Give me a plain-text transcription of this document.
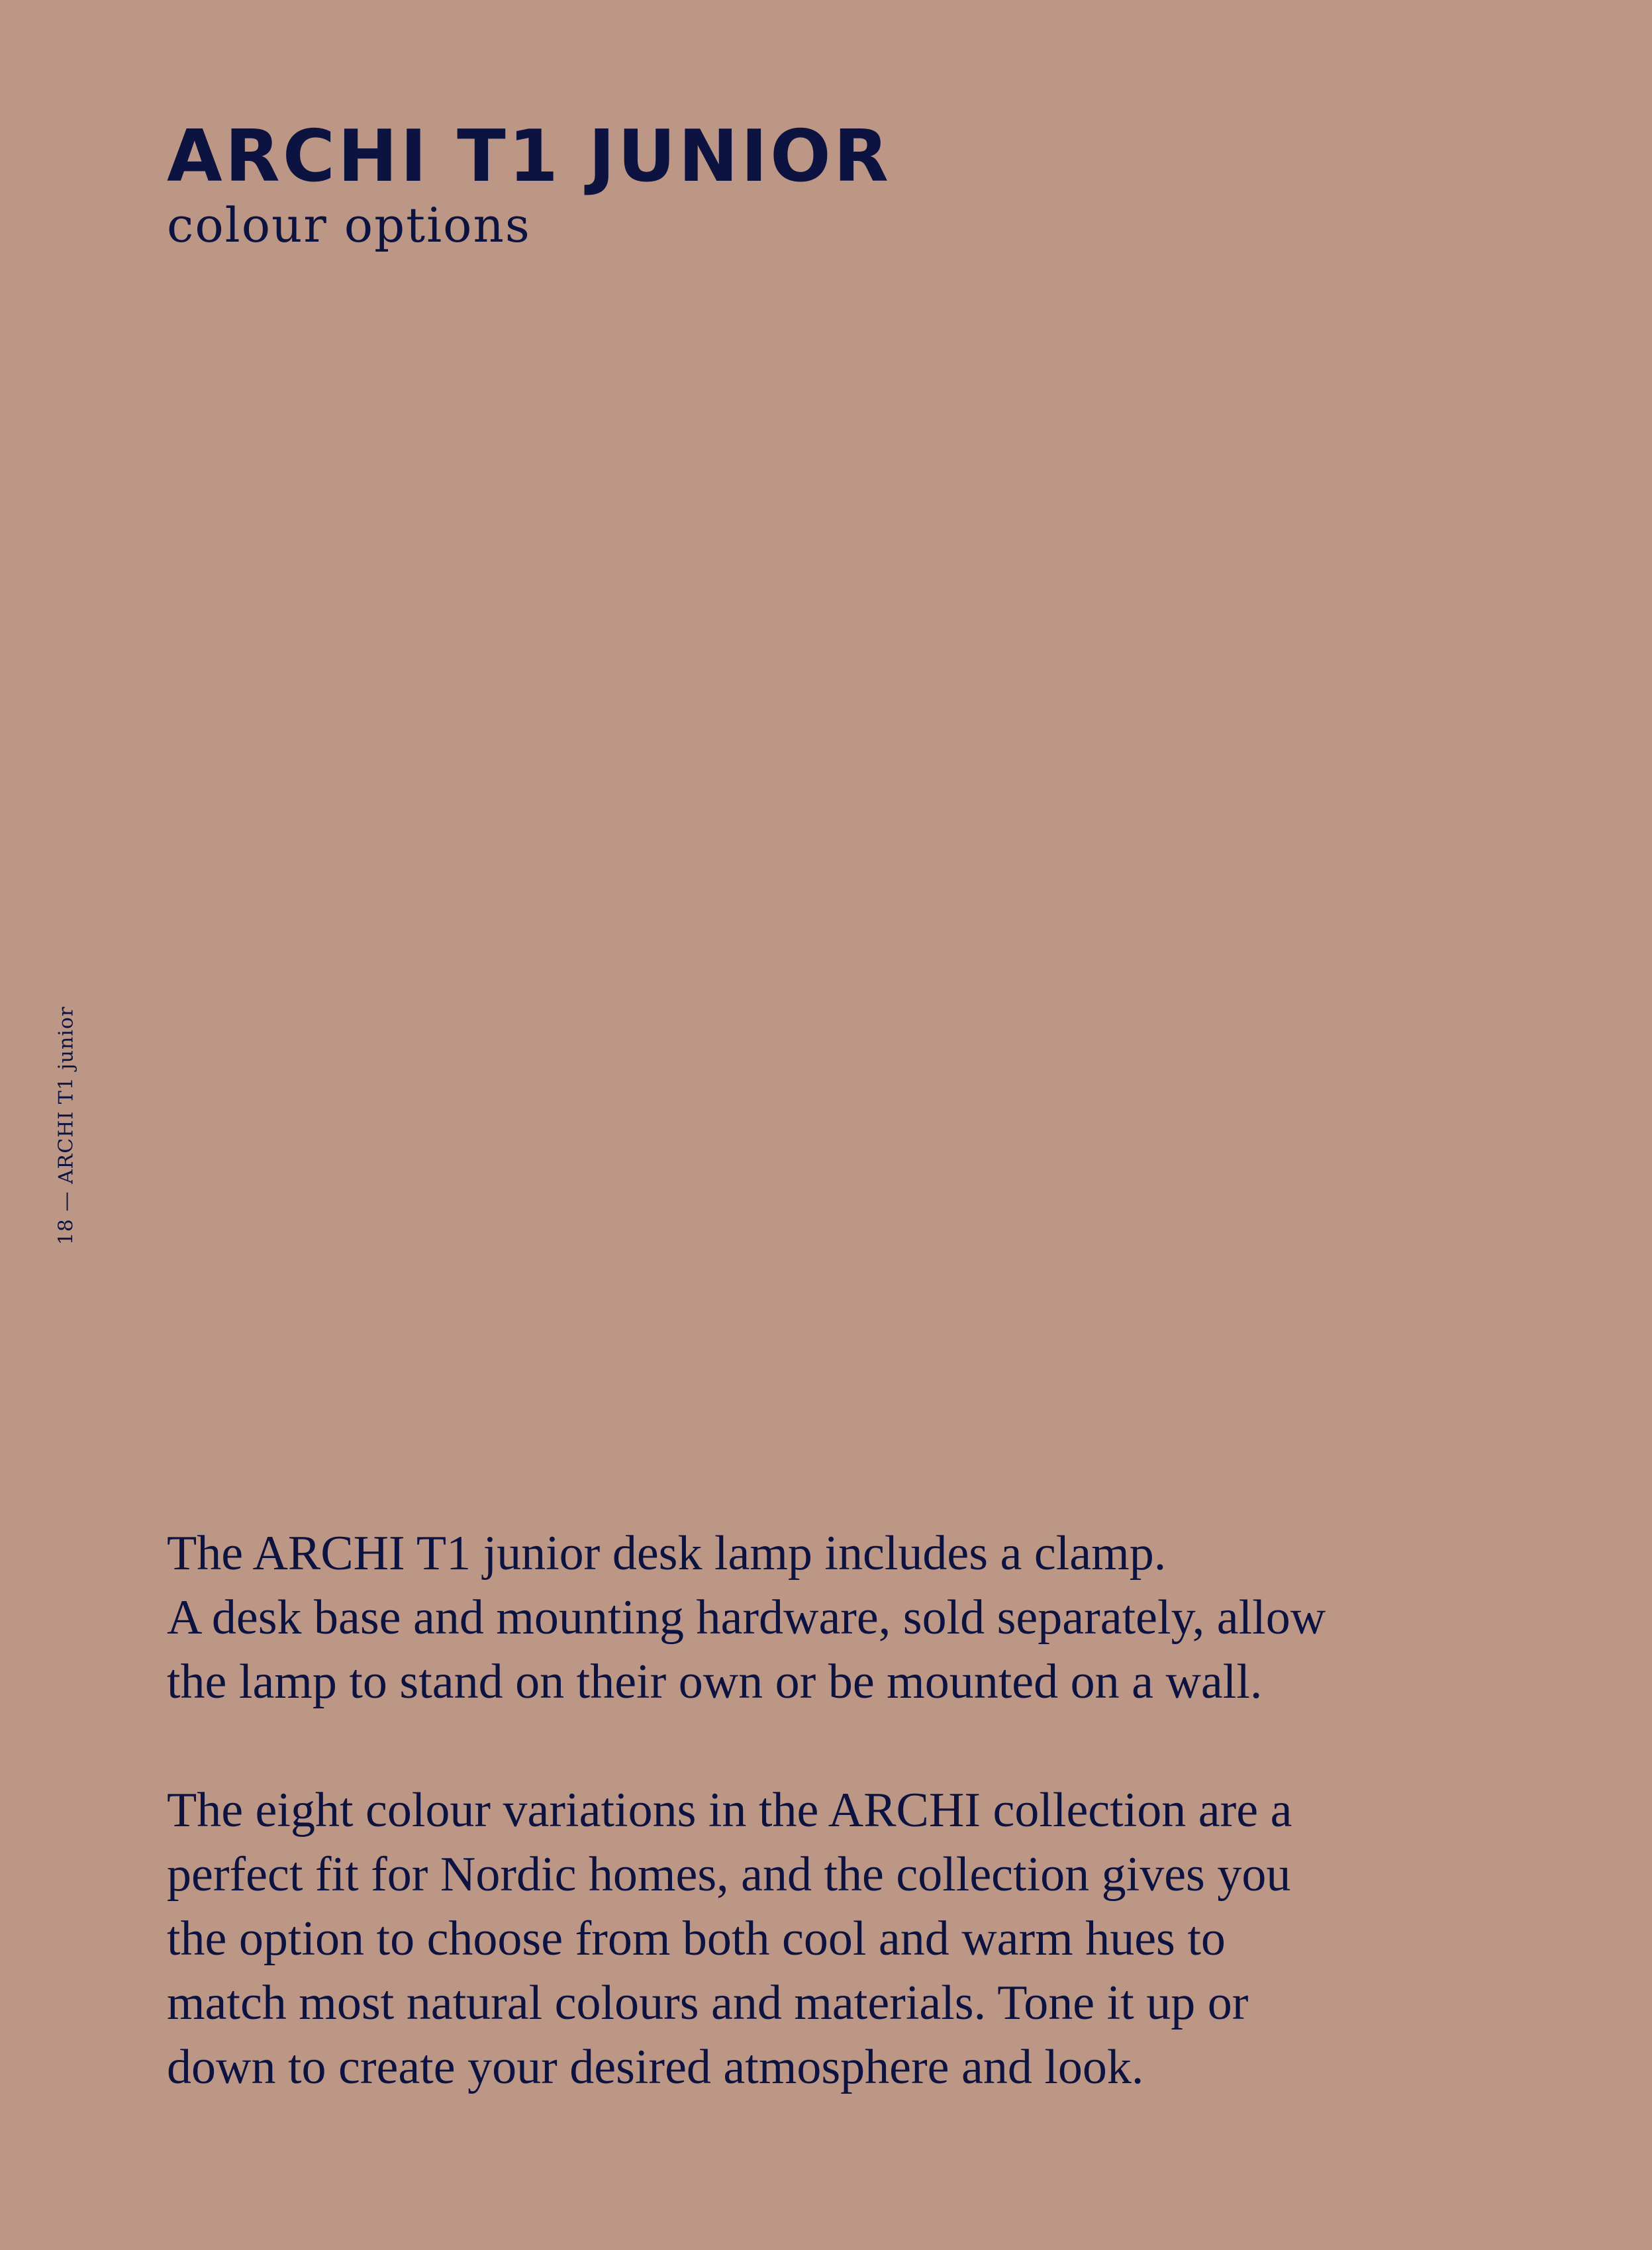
ARCHI T1 JUNIOR
colour options
18 — ARCHI T1 junior

The ARCHI T1 junior desk lamp includes a clamp.
A desk base and mounting hardware, sold separately, allow
the lamp to stand on their own or be mounted on a wall.

The eight colour variations in the ARCHI collection are a
perfect fit for Nordic homes, and the collection gives you
the option to choose from both cool and warm hues to
match most natural colours and materials. Tone it up or
down to create your desired atmosphere and look.
